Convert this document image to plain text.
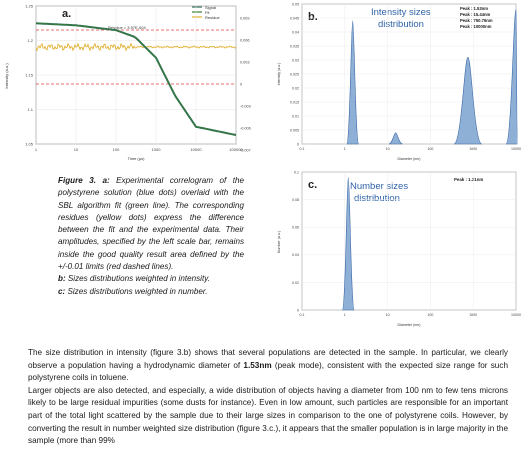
a.
Residue = 3.97E-004
Signal
Fit
Residue
Time (µs)
Intensity (a.u.)
1.05
1.1
1.15
1.2
1.25
1	10	100	1000	10000	100000
0.009
0.006
0.003
0
-0.003
-0.006
-0.007
b.	Intensity sizes
distribution
Peak : 1.53nm
Peak : 15.44nm
Peak : 750.76nm
Peak : 10000nm
Diameter (nm)
Intensity (a.u.)
0
0.005
0.01
0.015
0.02
0.025
0.03
0.035
0.04
0.045
0.05
0.1	1	10	100	1000	10000
c.	Number sizes
distribution
Peak : 1.21nm
Diameter (nm)
Number (a.u.)
0
0.02
0.04
0.06
0.08
0.1
0.1	1	10	100	1000	10000

Figure 3. a: Experimental correlogram of the polystyrene solution (blue dots) overlaid with the SBL algorithm fit (green line). The corresponding residues (yellow dots) express the difference between the fit and the experimental data. Their amplitudes, specified by the left scale bar, remains inside the good quality result area defined by the +/-0.01 limits (red dashed lines).

b: Sizes distributions weighted in intensity.

c: Sizes distributions weighted in number.

The size distribution in intensity (figure 3.b) shows that several populations are detected in the sample. In particular, we clearly observe a population having a hydrodynamic diameter of 1.53nm (peak mode), consistent with the expected size range for such polystyrene coils in toluene.

Larger objects are also detected, and especially, a wide distribution of objects having a diameter from 100 nm to few tens microns likely to be large residual impurities (some dusts for instance). Even in low amount, such particles are responsible for an important part of the total light scattered by the sample due to their large sizes in comparison to the one of polystyrene coils. However, by converting the result in number weighted size distribution (figure 3.c.), it appears that the smaller population is in large majority in the sample (more than 99%
